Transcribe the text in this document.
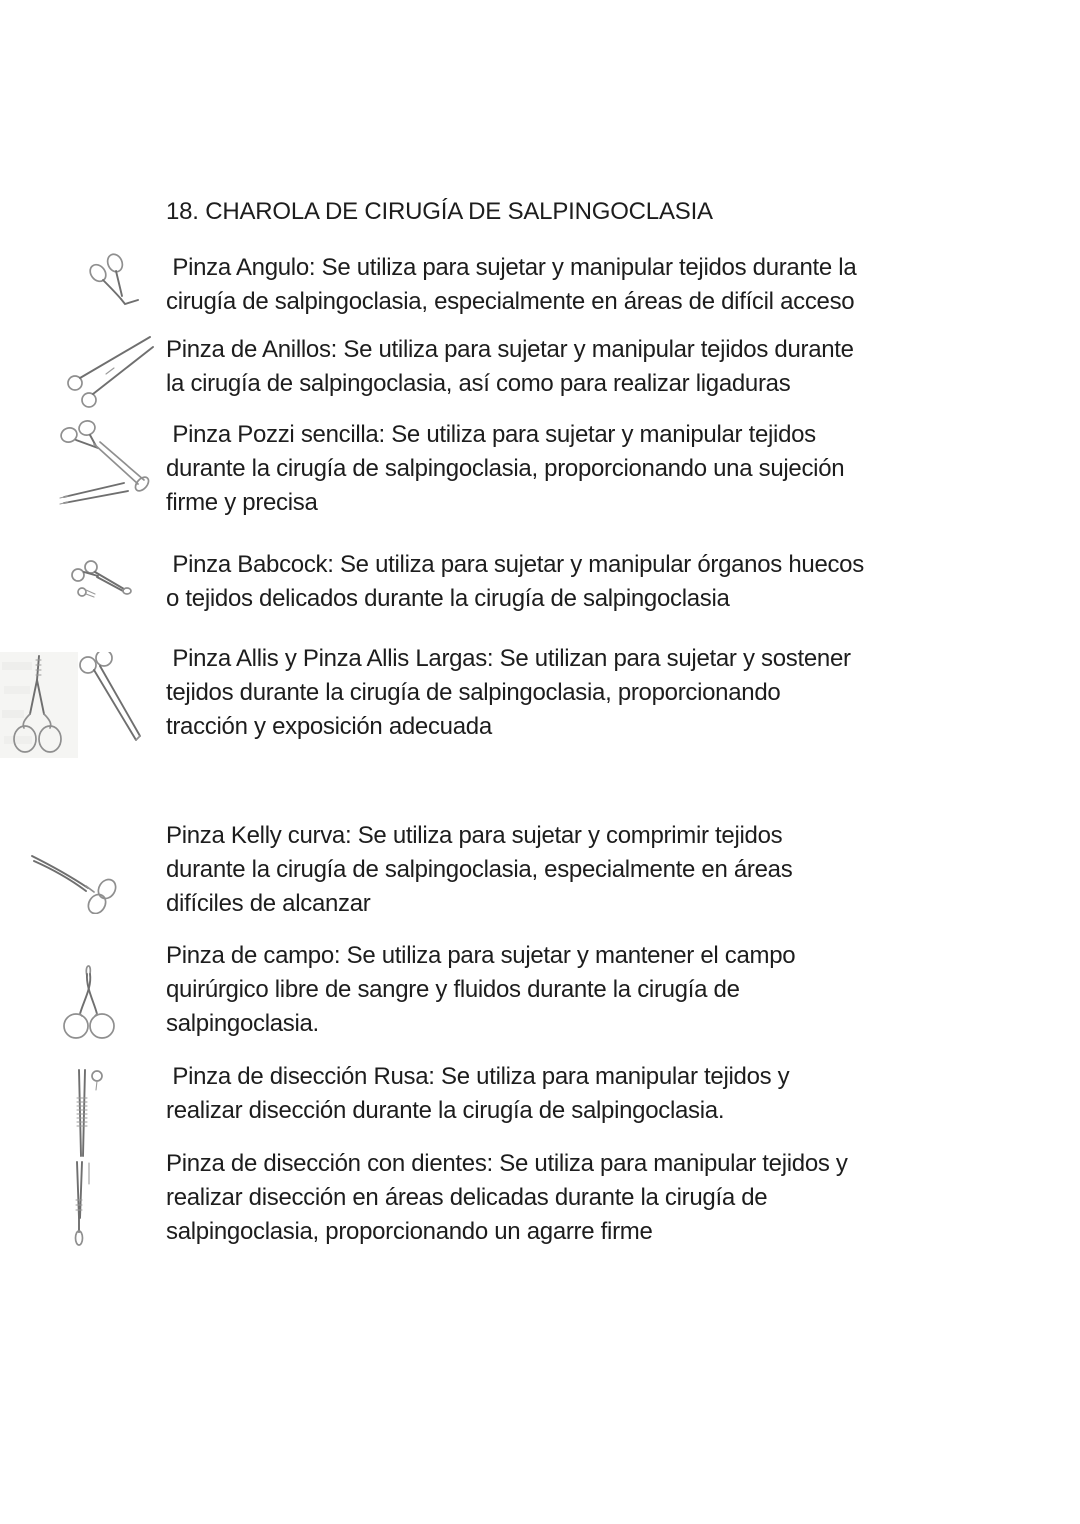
18. CHAROLA DE CIRUGÍA DE SALPINGOCLASIA
Pinza Angulo: Se utiliza para sujetar y manipular tejidos durante la
cirugía de salpingoclasia, especialmente en áreas de difícil acceso
Pinza de Anillos: Se utiliza para sujetar y manipular tejidos durante
la cirugía de salpingoclasia, así como para realizar ligaduras
Pinza Pozzi sencilla: Se utiliza para sujetar y manipular tejidos
durante la cirugía de salpingoclasia, proporcionando una sujeción
firme y precisa
Pinza Babcock: Se utiliza para sujetar y manipular órganos huecos
o tejidos delicados durante la cirugía de salpingoclasia
Pinza Allis y Pinza Allis Largas: Se utilizan para sujetar y sostener
tejidos durante la cirugía de salpingoclasia, proporcionando
tracción y exposición adecuada
Pinza Kelly curva: Se utiliza para sujetar y comprimir tejidos
durante la cirugía de salpingoclasia, especialmente en áreas
difíciles de alcanzar
Pinza de campo: Se utiliza para sujetar y mantener el campo
quirúrgico libre de sangre y fluidos durante la cirugía de
salpingoclasia.
Pinza de disección Rusa: Se utiliza para manipular tejidos y
realizar disección durante la cirugía de salpingoclasia.
Pinza de disección con dientes: Se utiliza para manipular tejidos y
realizar disección en áreas delicadas durante la cirugía de
salpingoclasia, proporcionando un agarre firme
